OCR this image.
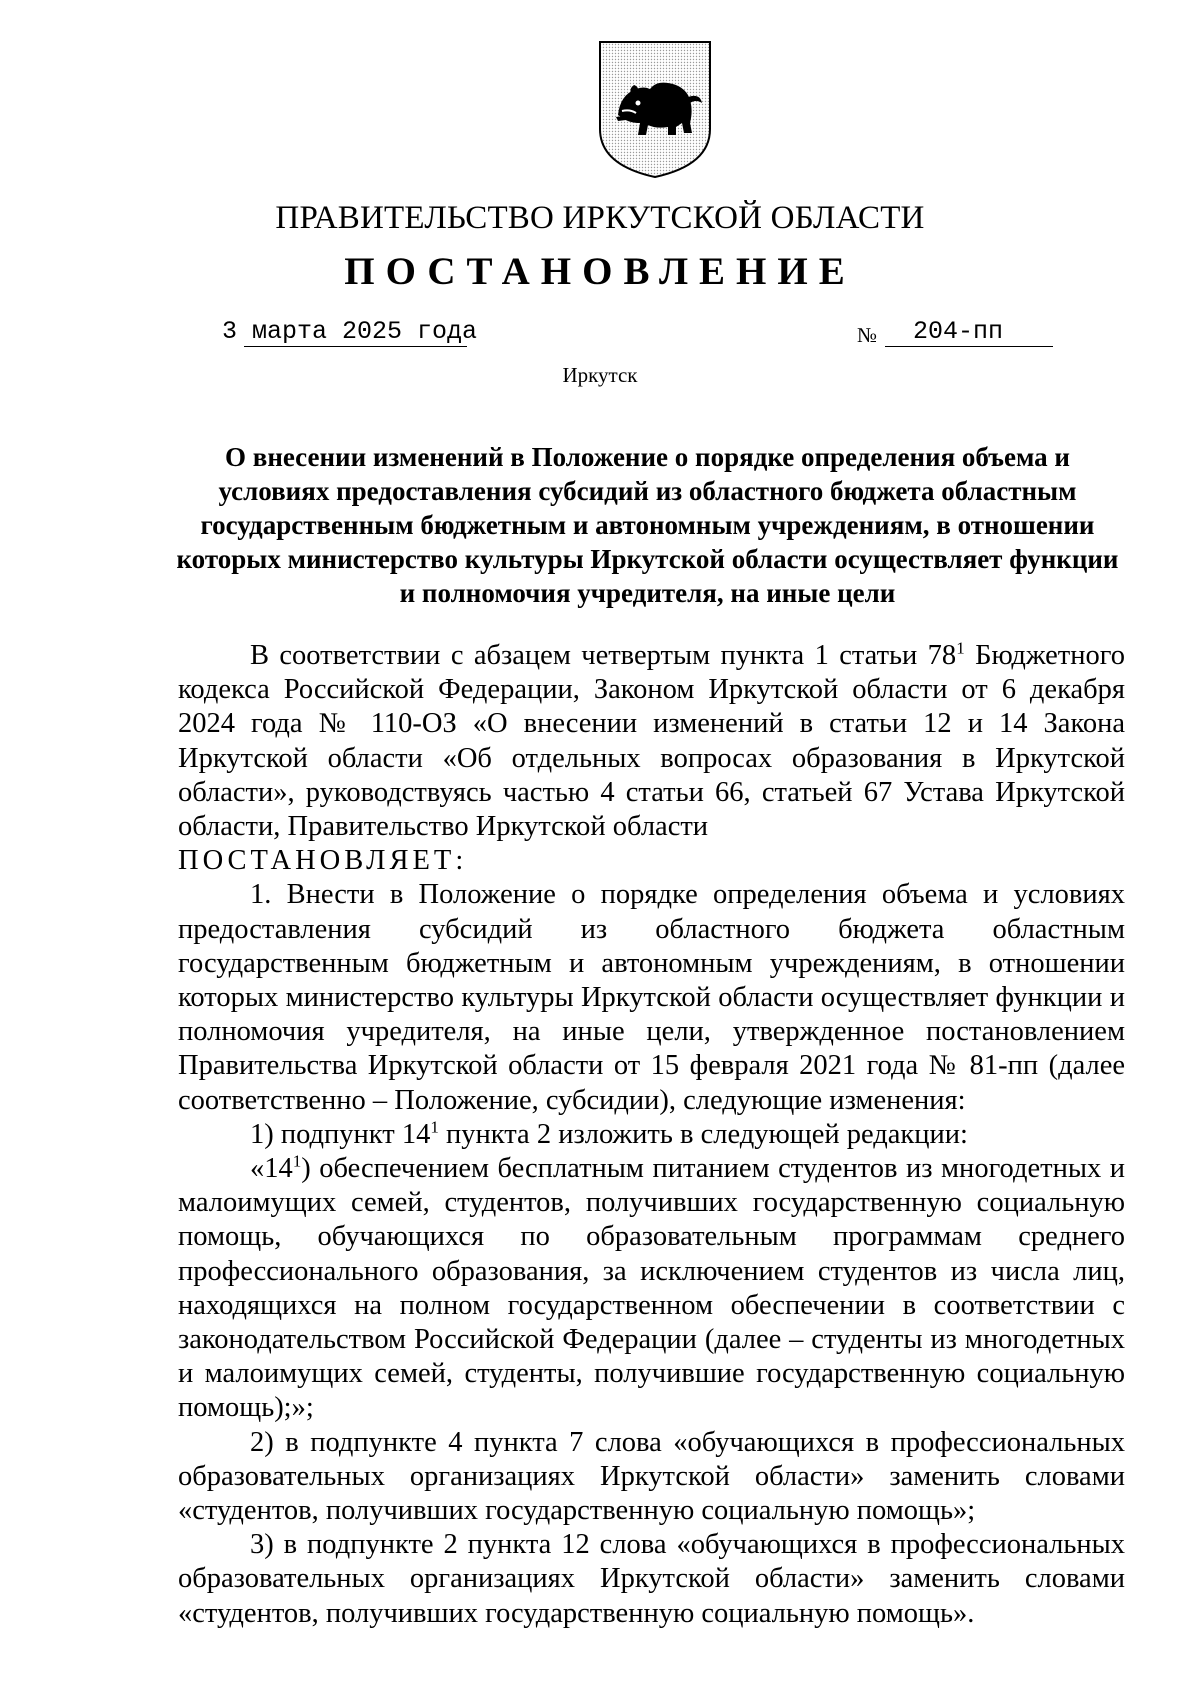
ПРАВИТЕЛЬСТВО ИРКУТСКОЙ ОБЛАСТИ
ПОСТАНОВЛЕНИЕ
3 марта 2025 года	№ 204-пп
Иркутск
О внесении изменений в Положение о порядке определения объема и условиях предоставления субсидий из областного бюджета областным государственным бюджетным и автономным учреждениям, в отношении которых министерство культуры Иркутской области осуществляет функции и полномочия учредителя, на иные цели

В соответствии с абзацем четвертым пункта 1 статьи $78^1$ Бюджетного кодекса Российской Федерации, Законом Иркутской области от 6 декабря 2024 года № 110-ОЗ «О внесении изменений в статьи 12 и 14 Закона Иркутской области «Об отдельных вопросах образования в Иркутской области», руководствуясь частью 4 статьи 66, статьей 67 Устава Иркутской области, Правительство Иркутской области

ПОСТАНОВЛЯЕТ:

1. Внести в Положение о порядке определения объема и условиях предоставления субсидий из областного бюджета областным государственным бюджетным и автономным учреждениям, в отношении которых министерство культуры Иркутской области осуществляет функции и полномочия учредителя, на иные цели, утвержденное постановлением Правительства Иркутской области от 15 февраля 2021 года № 81-пп (далее соответственно – Положение, субсидии), следующие изменения:

1) подпункт $14^1$ пункта 2 изложить в следующей редакции:

«$14^1$) обеспечением бесплатным питанием студентов из многодетных и малоимущих семей, студентов, получивших государственную социальную помощь, обучающихся по образовательным программам среднего профессионального образования, за исключением студентов из числа лиц, находящихся на полном государственном обеспечении в соответствии с законодательством Российской Федерации (далее – студенты из многодетных и малоимущих семей, студенты, получившие государственную социальную помощь);»;

2) в подпункте 4 пункта 7 слова «обучающихся в профессиональных образовательных организациях Иркутской области» заменить словами «студентов, получивших государственную социальную помощь»;

3) в подпункте 2 пункта 12 слова «обучающихся в профессиональных образовательных организациях Иркутской области» заменить словами «студентов, получивших государственную социальную помощь».
